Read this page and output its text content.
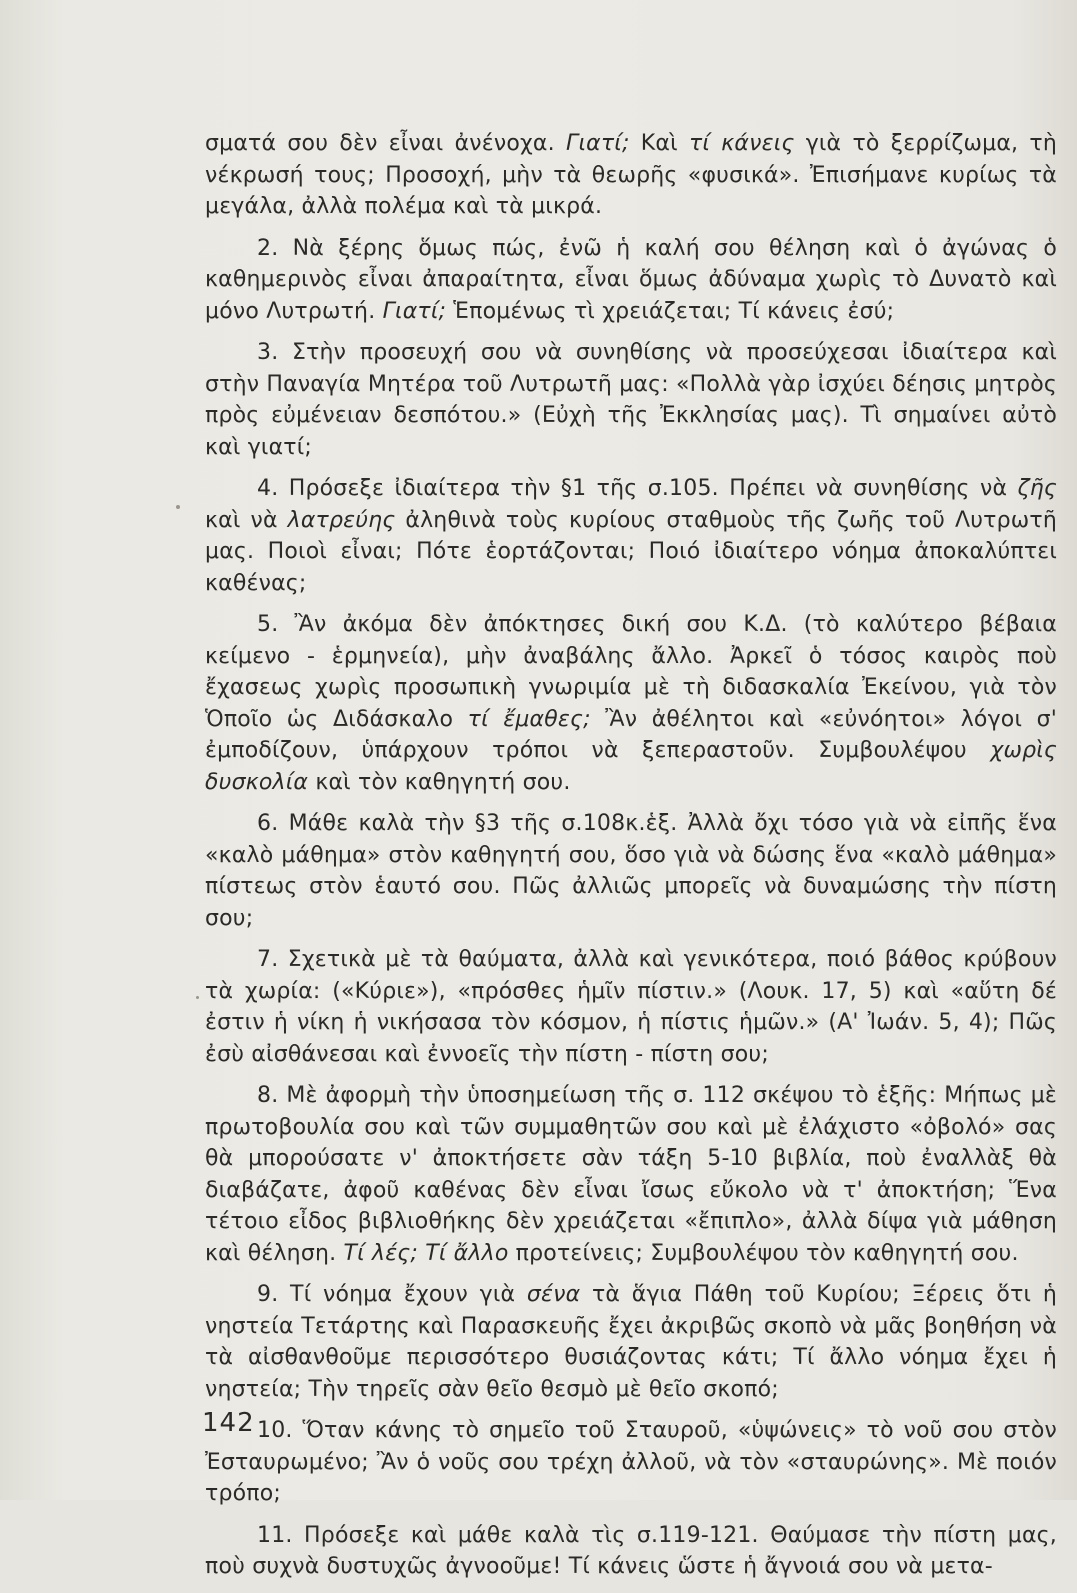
σματά σου δὲν εἶναι ἀνένοχα. Γιατί; Καὶ τί κάνεις γιὰ τὸ ξερρίζωμα, τὴ νέκρωσή τους; Προσοχή, μὴν τὰ θεωρῆς «φυσικά». Ἐπισήμανε κυρίως τὰ μεγάλα, ἀλλὰ πολέμα καὶ τὰ μικρά.

2. Νὰ ξέρης ὅμως πώς, ἐνῶ ἡ καλή σου θέληση καὶ ὁ ἀγώνας ὁ καθημερινὸς εἶναι ἀπαραίτητα, εἶναι ὅμως ἀδύναμα χωρὶς τὸ Δυνατὸ καὶ μόνο Λυτρωτή. Γιατί; Ἑπομένως τὶ χρειάζεται; Τί κάνεις ἐσύ;

3. Στὴν προσευχή σου νὰ συνηθίσης νὰ προσεύχεσαι ἰδιαίτερα καὶ στὴν Παναγία Μητέρα τοῦ Λυτρωτῆ μας: «Πολλὰ γὰρ ἰσχύει δέησις μητρὸς πρὸς εὐμένειαν δεσπότου.» (Εὐχὴ τῆς Ἐκκλησίας μας). Τὶ σημαίνει αὐτὸ καὶ γιατί;

4. Πρόσεξε ἰδιαίτερα τὴν §1 τῆς σ.105. Πρέπει νὰ συνηθίσης νὰ ζῆς καὶ νὰ λατρεύης ἀληθινὰ τοὺς κυρίους σταθμοὺς τῆς ζωῆς τοῦ Λυτρωτῆ μας. Ποιοὶ εἶναι; Πότε ἑορτάζονται; Ποιό ἰδιαίτερο νόημα ἀποκαλύπτει καθένας;

5. Ἂν ἀκόμα δὲν ἀπόκτησες δική σου Κ.Δ. (τὸ καλύτερο βέβαια κείμενο - ἑρμηνεία), μὴν ἀναβάλης ἄλλο. Ἀρκεῖ ὁ τόσος καιρὸς ποὺ ἔχασεως χωρὶς προσωπικὴ γνωριμία μὲ τὴ διδασκαλία Ἐκείνου, γιὰ τὸν Ὁποῖο ὡς Διδάσκαλο τί ἔμαθες; Ἂν ἀθέλητοι καὶ «εὐνόητοι» λόγοι σ' ἐμποδίζουν, ὑπάρχουν τρόποι νὰ ξεπεραστοῦν. Συμβουλέψου χωρὶς δυσκολία καὶ τὸν καθηγητή σου.

6. Μάθε καλὰ τὴν §3 τῆς σ.108κ.ἑξ. Ἀλλὰ ὄχι τόσο γιὰ νὰ εἰπῆς ἕνα «καλὸ μάθημα» στὸν καθηγητή σου, ὅσο γιὰ νὰ δώσης ἕνα «καλὸ μάθημα» πίστεως στὸν ἑαυτό σου. Πῶς ἀλλιῶς μπορεῖς νὰ δυναμώσης τὴν πίστη σου;

7. Σχετικὰ μὲ τὰ θαύματα, ἀλλὰ καὶ γενικότερα, ποιό βάθος κρύβουν τὰ χωρία: («Κύριε»), «πρόσθες ἡμῖν πίστιν.» (Λουκ. 17, 5) καὶ «αὕτη δέ ἐστιν ἡ νίκη ἡ νικήσασα τὸν κόσμον, ἡ πίστις ἡμῶν.» (Α' Ἰωάν. 5, 4); Πῶς ἐσὺ αἰσθάνεσαι καὶ ἐννοεῖς τὴν πίστη - πίστη σου;

8. Μὲ ἀφορμὴ τὴν ὑποσημείωση τῆς σ. 112 σκέψου τὸ ἑξῆς: Μήπως μὲ πρωτοβουλία σου καὶ τῶν συμμαθητῶν σου καὶ μὲ ἐλάχιστο «ὀβολό» σας θὰ μπορούσατε ν' ἀποκτήσετε σὰν τάξη 5-10 βιβλία, ποὺ ἐναλλὰξ θὰ διαβάζατε, ἀφοῦ καθένας δὲν εἶναι ἴσως εὔκολο νὰ τ' ἀποκτήση; Ἕνα τέτοιο εἶδος βιβλιοθήκης δὲν χρειάζεται «ἔπιπλο», ἀλλὰ δίψα γιὰ μάθηση καὶ θέληση. Τί λές; Τί ἄλλο προτείνεις; Συμβουλέψου τὸν καθηγητή σου.

9. Τί νόημα ἔχουν γιὰ σένα τὰ ἅγια Πάθη τοῦ Κυρίου; Ξέρεις ὅτι ἡ νηστεία Τετάρτης καὶ Παρασκευῆς ἔχει ἀκριβῶς σκοπὸ νὰ μᾶς βοηθήση νὰ τὰ αἰσθανθοῦμε περισσότερο θυσιάζοντας κάτι; Τί ἄλλο νόημα ἔχει ἡ νηστεία; Τὴν τηρεῖς σὰν θεῖο θεσμὸ μὲ θεῖο σκοπό;

10. Ὅταν κάνης τὸ σημεῖο τοῦ Σταυροῦ, «ὑψώνεις» τὸ νοῦ σου στὸν Ἐσταυρωμένο; Ἂν ὁ νοῦς σου τρέχη ἀλλοῦ, νὰ τὸν «σταυρώνης». Μὲ ποιόν τρόπο;

11. Πρόσεξε καὶ μάθε καλὰ τὶς σ.119-121. Θαύμασε τὴν πίστη μας, ποὺ συχνὰ δυστυχῶς ἀγνοοῦμε! Τί κάνεις ὥστε ἡ ἄγνοιά σου νὰ μετα-

142
